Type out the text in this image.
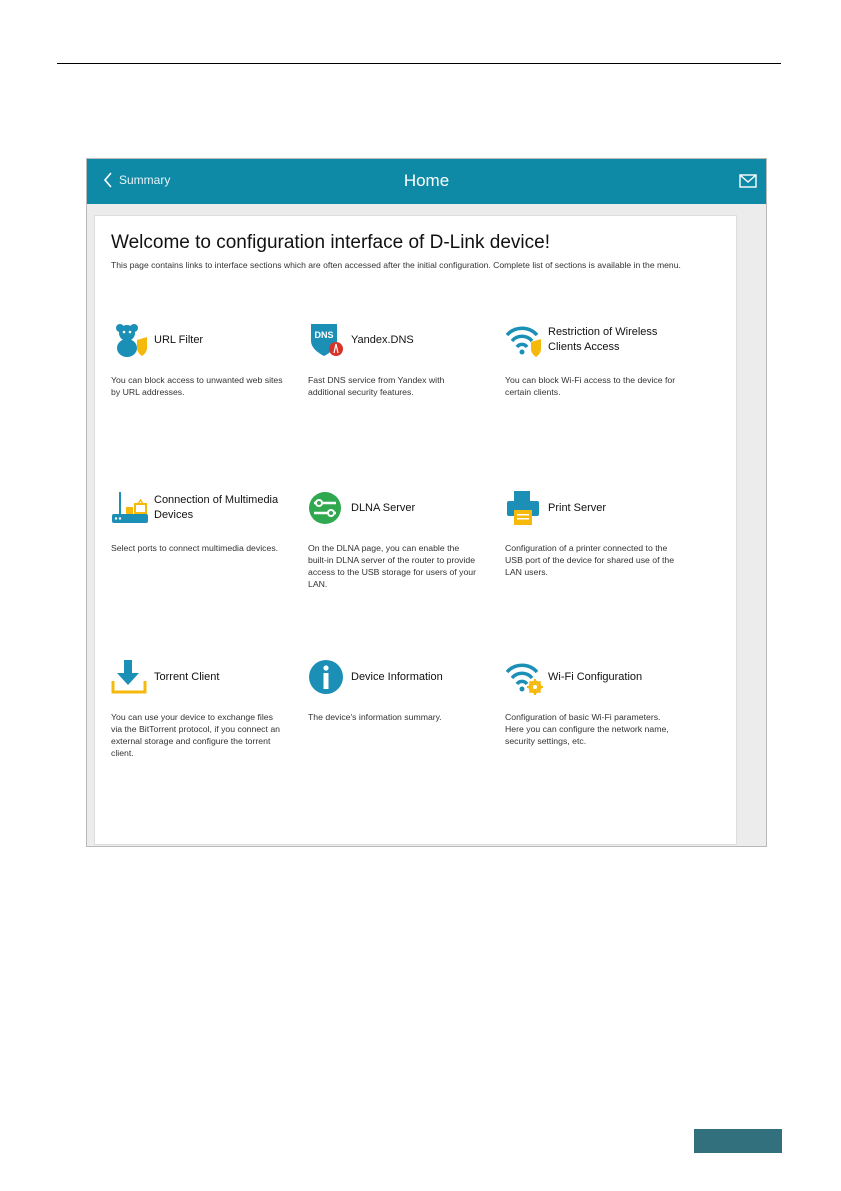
Summary	Home
Welcome to configuration interface of D-Link device!
This page contains links to interface sections which are often accessed after the initial configuration. Complete list of sections is available in the menu.
URL Filter
You can block access to unwanted web sites by URL addresses.
DNS Yandex.DNS
Fast DNS service from Yandex with additional security features.
Restriction of Wireless Clients Access
You can block Wi-Fi access to the device for certain clients.
Connection of Multimedia Devices
Select ports to connect multimedia devices.
DLNA Server
On the DLNA page, you can enable the built-in DLNA server of the router to provide access to the USB storage for users of your LAN.
Print Server
Configuration of a printer connected to the USB port of the device for shared use of the LAN users.
Torrent Client
You can use your device to exchange files via the BitTorrent protocol, if you connect an external storage and configure the torrent client.
Device Information
The device's information summary.
Wi-Fi Configuration
Configuration of basic Wi-Fi parameters. Here you can configure the network name, security settings, etc.
